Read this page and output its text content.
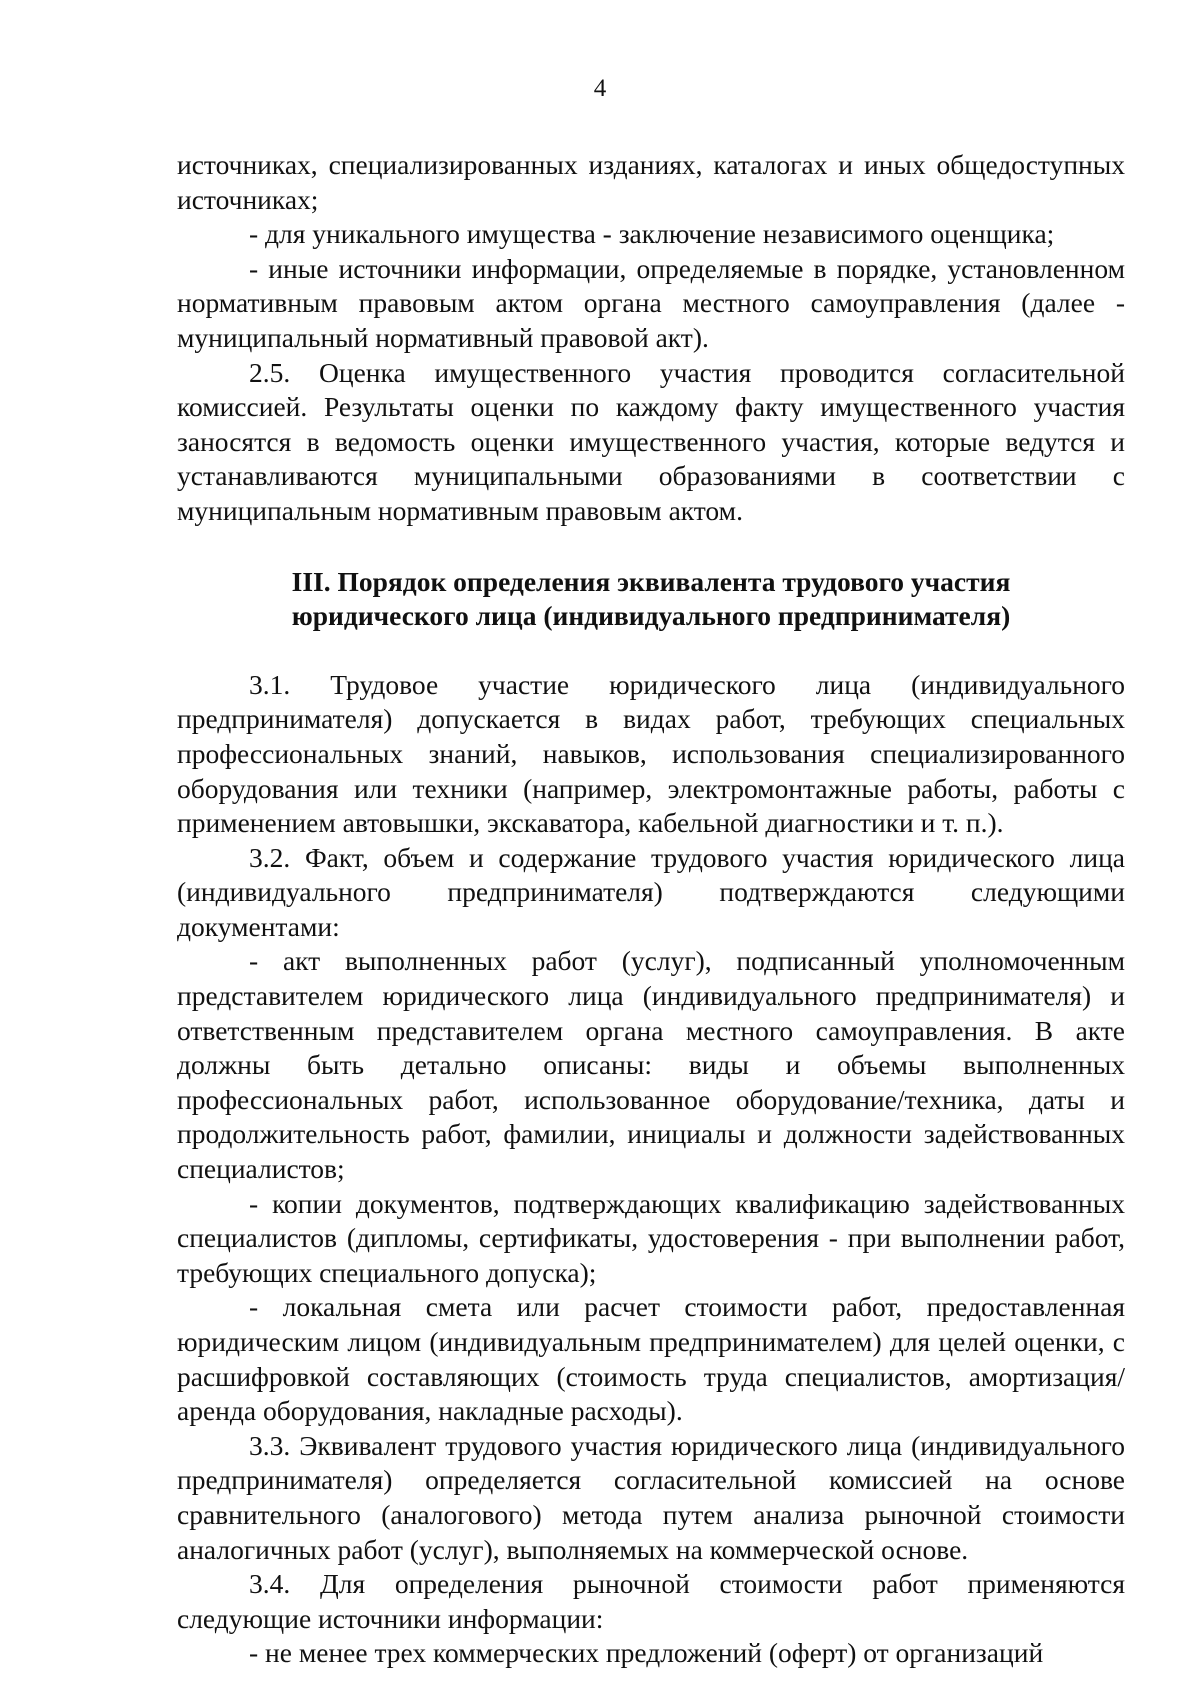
4

источниках, специализированных изданиях, каталогах и иных общедоступных источниках;

- для уникального имущества - заключение независимого оценщика;

- иные источники информации, определяемые в порядке, установленном нормативным правовым актом органа местного самоуправления (далее - муниципальный нормативный правовой акт).

2.5. Оценка имущественного участия проводится согласительной комиссией. Результаты оценки по каждому факту имущественного участия заносятся в ведомость оценки имущественного участия, которые ведутся и устанавливаются муниципальными образованиями в соответствии с муниципальным нормативным правовым актом.

III. Порядок определения эквивалента трудового участия
юридического лица (индивидуального предпринимателя)

3.1. Трудовое участие юридического лица (индивидуального предпринимателя) допускается в видах работ, требующих специальных профессиональных знаний, навыков, использования специализированного оборудования или техники (например, электромонтажные работы, работы с применением автовышки, экскаватора, кабельной диагностики и т. п.).

3.2. Факт, объем и содержание трудового участия юридического лица (индивидуального предпринимателя) подтверждаются следующими документами:

- акт выполненных работ (услуг), подписанный уполномоченным представителем юридического лица (индивидуального предпринимателя) и ответственным представителем органа местного самоуправления. В акте должны быть детально описаны: виды и объемы выполненных профессиональных работ, использованное оборудование/техника, даты и продолжительность работ, фамилии, инициалы и должности задействованных специалистов;

- копии документов, подтверждающих квалификацию задействованных специалистов (дипломы, сертификаты, удостоверения - при выполнении работ, требующих специального допуска);

- локальная смета или расчет стоимости работ, предоставленная юридическим лицом (индивидуальным предпринимателем) для целей оценки, с расшифровкой составляющих (стоимость труда специалистов, амортизация/аренда оборудования, накладные расходы).

3.3. Эквивалент трудового участия юридического лица (индивидуального предпринимателя) определяется согласительной комиссией на основе сравнительного (аналогового) метода путем анализа рыночной стоимости аналогичных работ (услуг), выполняемых на коммерческой основе.

3.4. Для определения рыночной стоимости работ применяются следующие источники информации:

- не менее трех коммерческих предложений (оферт) от организаций
